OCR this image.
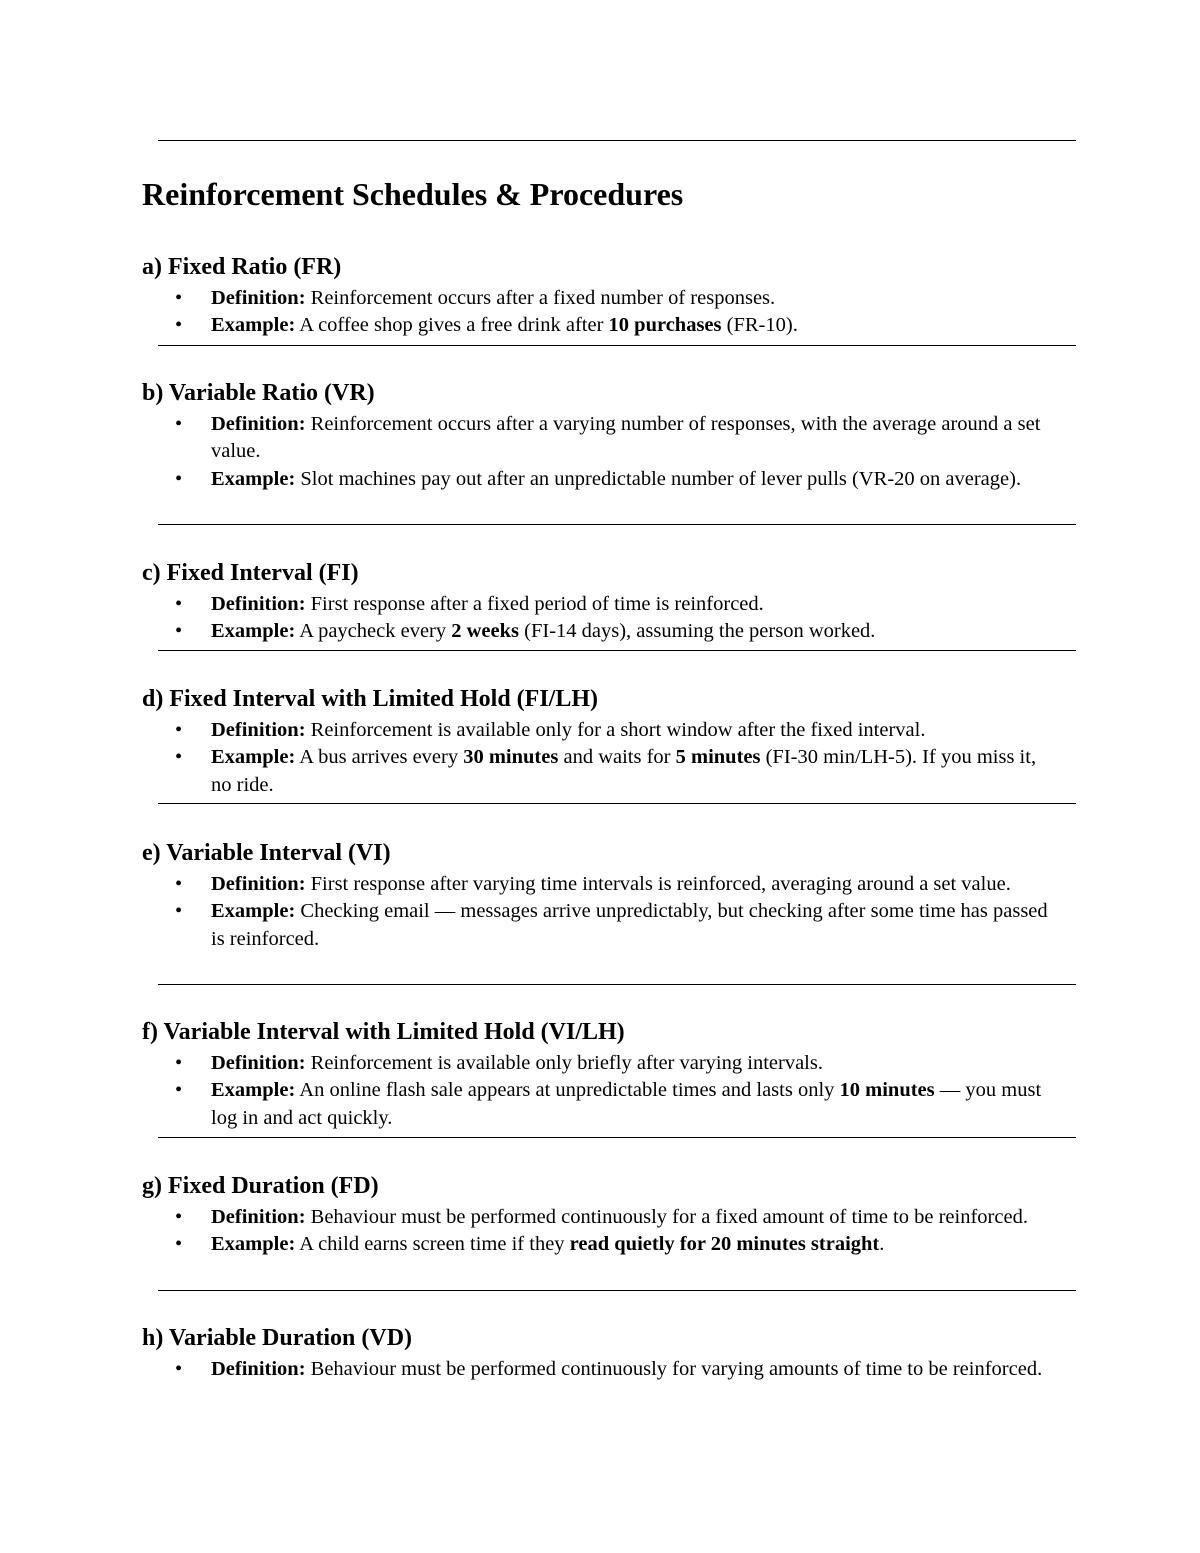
Reinforcement Schedules & Procedures
a) Fixed Ratio (FR)
• Definition: Reinforcement occurs after a fixed number of responses.
• Example: A coffee shop gives a free drink after 10 purchases (FR-10).
b) Variable Ratio (VR)
• Definition: Reinforcement occurs after a varying number of responses, with the average around a set value.
• Example: Slot machines pay out after an unpredictable number of lever pulls (VR-20 on average).
c) Fixed Interval (FI)
• Definition: First response after a fixed period of time is reinforced.
• Example: A paycheck every 2 weeks (FI-14 days), assuming the person worked.
d) Fixed Interval with Limited Hold (FI/LH)
• Definition: Reinforcement is available only for a short window after the fixed interval.
• Example: A bus arrives every 30 minutes and waits for 5 minutes (FI-30 min/LH-5). If you miss it, no ride.
e) Variable Interval (VI)
• Definition: First response after varying time intervals is reinforced, averaging around a set value.
• Example: Checking email — messages arrive unpredictably, but checking after some time has passed is reinforced.
f) Variable Interval with Limited Hold (VI/LH)
• Definition: Reinforcement is available only briefly after varying intervals.
• Example: An online flash sale appears at unpredictable times and lasts only 10 minutes — you must log in and act quickly.
g) Fixed Duration (FD)
• Definition: Behaviour must be performed continuously for a fixed amount of time to be reinforced.
• Example: A child earns screen time if they read quietly for 20 minutes straight.
h) Variable Duration (VD)
• Definition: Behaviour must be performed continuously for varying amounts of time to be reinforced.
